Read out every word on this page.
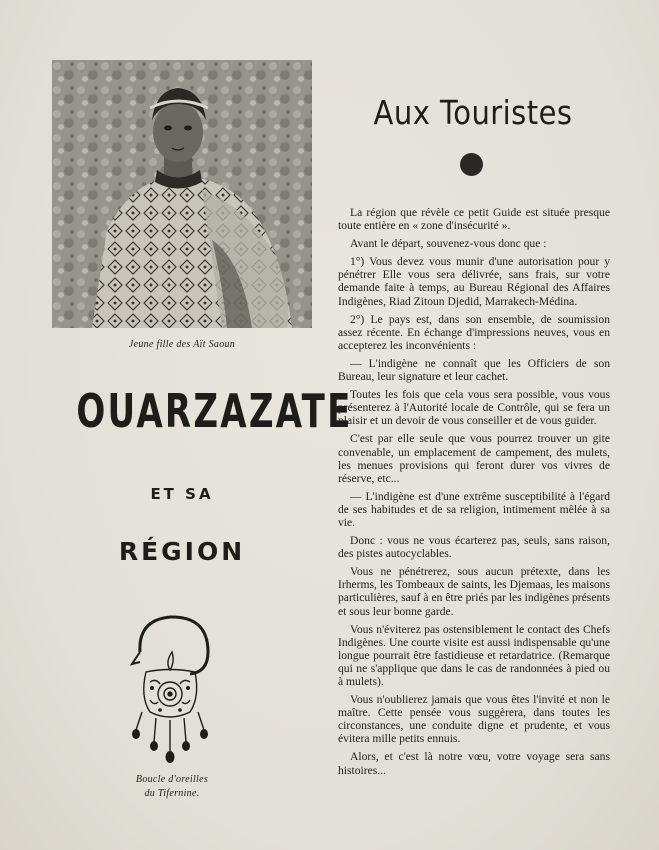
Jeune fille des Aït Saoun
OUARZAZATE
ET SA
RÉGION
Boucle d'oreilles
du Tifernine.
Aux Touristes

La région que révèle ce petit Guide est située presque toute entière en « zone d'insécurité ».

Avant le départ, souvenez-vous donc que :

1°) Vous devez vous munir d'une autorisation pour y pénétrer Elle vous sera délivrée, sans frais, sur votre demande faite à temps, au Bureau Régional des Affaires Indigènes, Riad Zitoun Djedid, Marrakech-Médina.

2°) Le pays est, dans son ensemble, de soumission assez récente. En échange d'impressions neuves, vous en accepterez les inconvénients :

— L'indigène ne connaît que les Officiers de son Bureau, leur signature et leur cachet.

Toutes les fois que cela vous sera possible, vous vous présenterez à l'Autorité locale de Contrôle, qui se fera un plaisir et un devoir de vous conseiller et de vous guider.

C'est par elle seule que vous pourrez trouver un gite convenable, un emplacement de campement, des mulets, les menues provisions qui feront durer vos vivres de réserve, etc...

— L'indigène est d'une extrême susceptibilité à l'égard de ses habitudes et de sa religion, intimement mêlée à sa vie.

Donc : vous ne vous écarterez pas, seuls, sans raison, des pistes autocyclables.

Vous ne pénétrerez, sous aucun prétexte, dans les Irherms, les Tombeaux de saints, les Djemaas, les maisons particulières, sauf à en être priés par les indigènes présents et sous leur bonne garde.

Vous n'éviterez pas ostensiblement le contact des Chefs Indigènes. Une courte visite est aussi indispensable qu'une longue pourrait être fastidieuse et retardatrice. (Remarque qui ne s'applique que dans le cas de randonnées à pied ou à mulets).

Vous n'oublierez jamais que vous êtes l'invité et non le maître. Cette pensée vous suggèrera, dans toutes les circonstances, une conduite digne et prudente, et vous évitera mille petits ennuis.

Alors, et c'est là notre vœu, votre voyage sera sans histoires...
